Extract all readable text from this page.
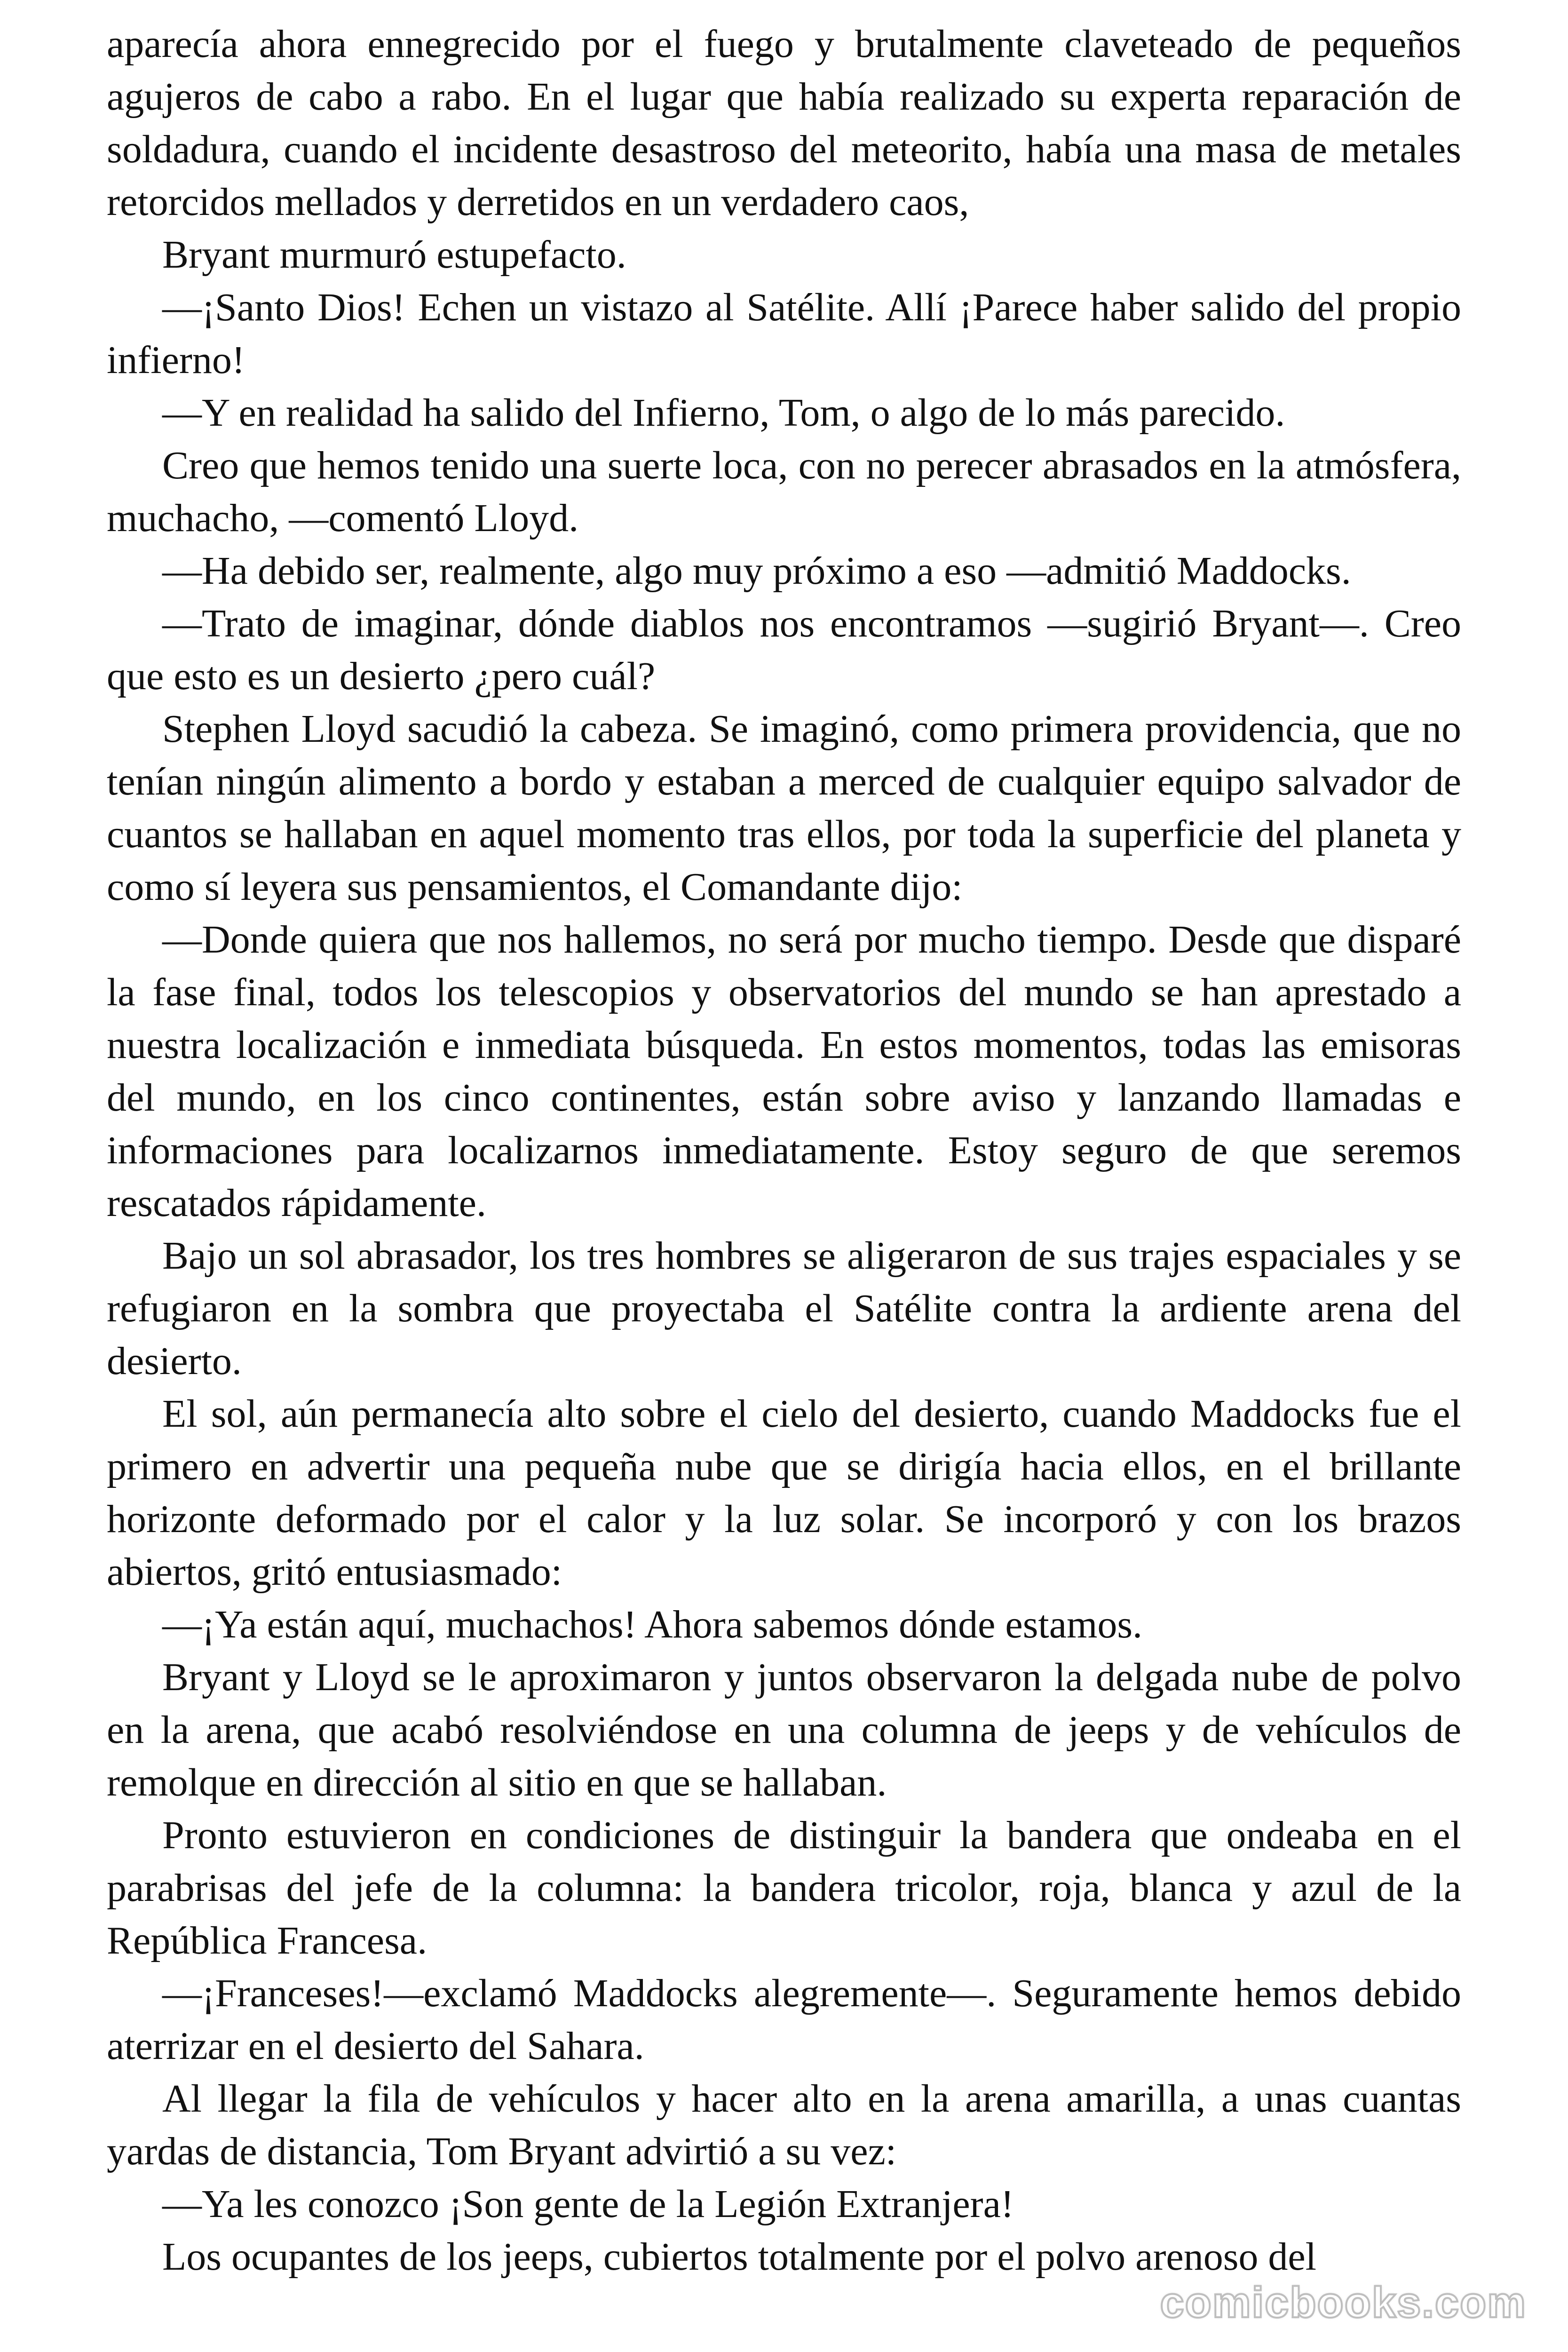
aparecía ahora ennegrecido por el fuego y brutalmente claveteado de pequeños agujeros de cabo a rabo. En el lugar que había realizado su experta reparación de soldadura, cuando el incidente desastroso del meteorito, había una masa de metales retorcidos mellados y derretidos en un verdadero caos,

Bryant murmuró estupefacto.

—¡Santo Dios! Echen un vistazo al Satélite. Allí ¡Parece haber salido del propio infierno!

—Y en realidad ha salido del Infierno, Tom, o algo de lo más parecido.

Creo que hemos tenido una suerte loca, con no perecer abrasados en la atmósfera, muchacho, —comentó Lloyd.

—Ha debido ser, realmente, algo muy próximo a eso —admitió Maddocks.

—Trato de imaginar, dónde diablos nos encontramos —sugirió Bryant—. Creo que esto es un desierto ¿pero cuál?

Stephen Lloyd sacudió la cabeza. Se imaginó, como primera providencia, que no tenían ningún alimento a bordo y estaban a merced de cualquier equipo salvador de cuantos se hallaban en aquel momento tras ellos, por toda la superficie del planeta y como sí leyera sus pensamientos, el Comandante dijo:

—Donde quiera que nos hallemos, no será por mucho tiempo. Desde que disparé la fase final, todos los telescopios y observatorios del mundo se han aprestado a nuestra localización e inmediata búsqueda. En estos momentos, todas las emisoras del mundo, en los cinco continentes, están sobre aviso y lanzando llamadas e informaciones para localizarnos inmediatamente. Estoy seguro de que seremos rescatados rápidamente.

Bajo un sol abrasador, los tres hombres se aligeraron de sus trajes espaciales y se refugiaron en la sombra que proyectaba el Satélite contra la ardiente arena del desierto.

El sol, aún permanecía alto sobre el cielo del desierto, cuando Maddocks fue el primero en advertir una pequeña nube que se dirigía hacia ellos, en el brillante horizonte deformado por el calor y la luz solar. Se incorporó y con los brazos abiertos, gritó entusiasmado:

—¡Ya están aquí, muchachos! Ahora sabemos dónde estamos.

Bryant y Lloyd se le aproximaron y juntos observaron la delgada nube de polvo en la arena, que acabó resolviéndose en una columna de jeeps y de vehículos de remolque en dirección al sitio en que se hallaban.

Pronto estuvieron en condiciones de distinguir la bandera que ondeaba en el parabrisas del jefe de la columna: la bandera tricolor, roja, blanca y azul de la República Francesa.

—¡Franceses!—exclamó Maddocks alegremente—. Seguramente hemos debido aterrizar en el desierto del Sahara.

Al llegar la fila de vehículos y hacer alto en la arena amarilla, a unas cuantas yardas de distancia, Tom Bryant advirtió a su vez:

—Ya les conozco ¡Son gente de la Legión Extranjera!

Los ocupantes de los jeeps, cubiertos totalmente por el polvo arenoso del

comicbooks.com
